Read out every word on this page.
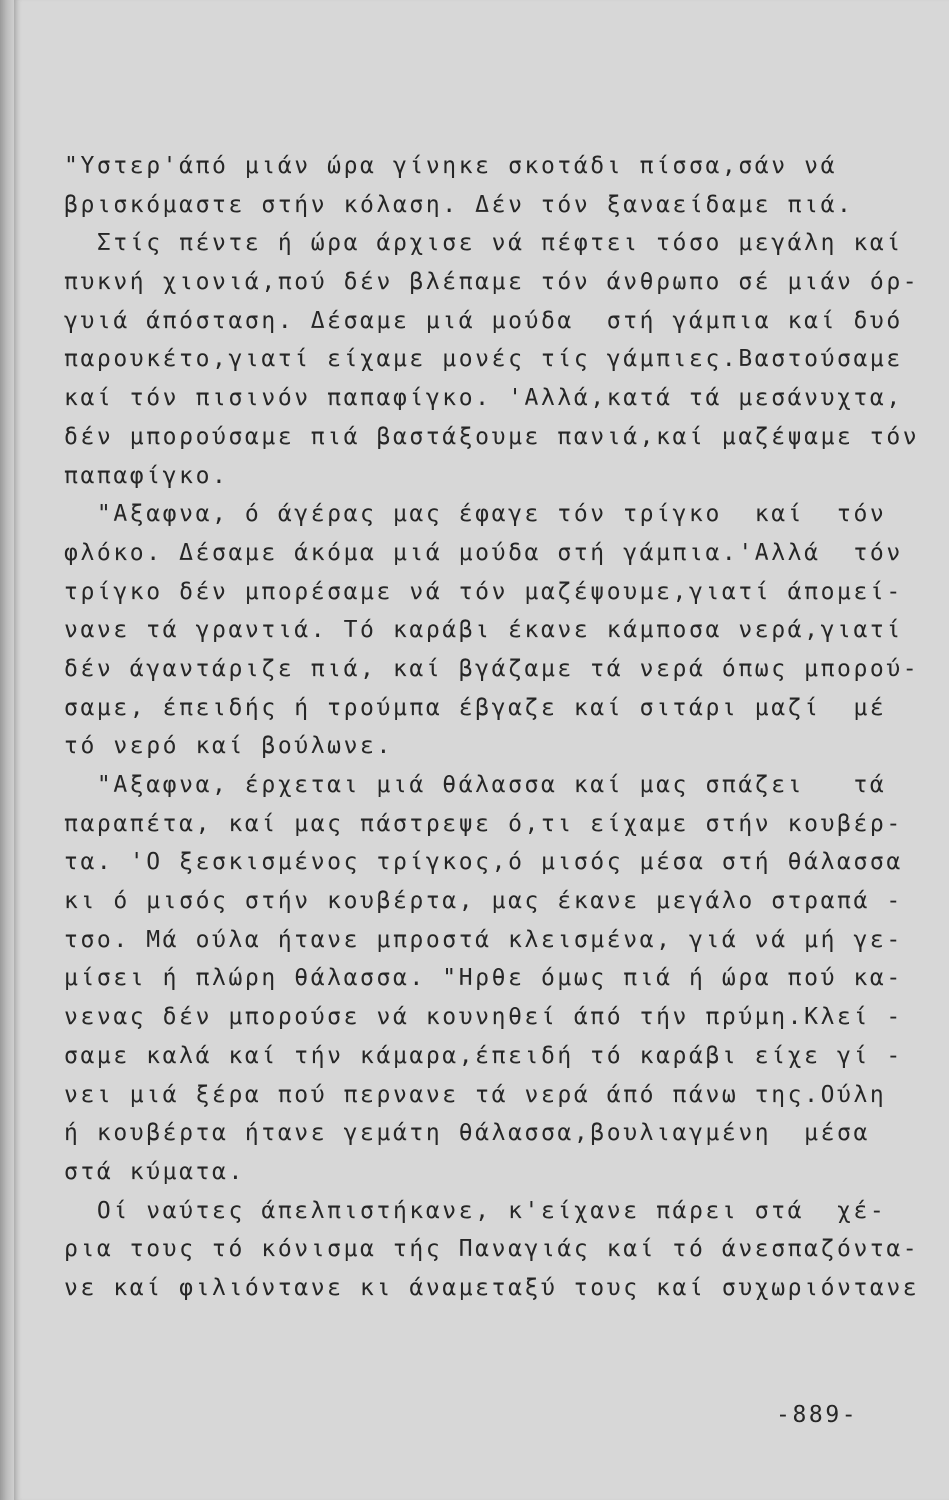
"Υστερ'άπό μιάν ώρα γίνηκε σκοτάδι πίσσα,σάν νά
βρισκόμαστε στήν κόλαση. Δέν τόν ξαναείδαμε πιά.
Στίς πέντε ή ώρα άρχισε νά πέφτει τόσο μεγάλη καί
πυκνή χιονιά,πού δέν βλέπαμε τόν άνθρωπο σέ μιάν όρ-
γυιά άπόσταση. Δέσαμε μιά μούδα  στή γάμπια καί δυό
παρουκέτο,γιατί είχαμε μονές τίς γάμπιες.Βαστούσαμε
καί τόν πισινόν παπαφίγκο. 'Αλλά,κατά τά μεσάνυχτα,
δέν μπορούσαμε πιά βαστάξουμε πανιά,καί μαζέψαμε τόν
παπαφίγκο.
"Αξαφνα, ό άγέρας μας έφαγε τόν τρίγκο  καί  τόν
φλόκο. Δέσαμε άκόμα μιά μούδα στή γάμπια.'Αλλά  τόν
τρίγκο δέν μπορέσαμε νά τόν μαζέψουμε,γιατί άπομεί-
νανε τά γραντιά. Τό καράβι έκανε κάμποσα νερά,γιατί
δέν άγαντάριζε πιά, καί βγάζαμε τά νερά όπως μπορού-
σαμε, έπειδής ή τρούμπα έβγαζε καί σιτάρι μαζί  μέ
τό νερό καί βούλωνε.
"Αξαφνα, έρχεται μιά θάλασσα καί μας σπάζει   τά
παραπέτα, καί μας πάστρεψε ό,τι είχαμε στήν κουβέρ-
τα. 'Ο ξεσκισμένος τρίγκος,ό μισός μέσα στή θάλασσα
κι ό μισός στήν κουβέρτα, μας έκανε μεγάλο στραπά -
τσο. Μά ούλα ήτανε μπροστά κλεισμένα, γιά νά μή γε-
μίσει ή πλώρη θάλασσα. "Ηρθε όμως πιά ή ώρα πού κα-
νενας δέν μπορούσε νά κουνηθεί άπό τήν πρύμη.Κλεί -
σαμε καλά καί τήν κάμαρα,έπειδή τό καράβι είχε γί -
νει μιά ξέρα πού περνανε τά νερά άπό πάνω της.Ούλη
ή κουβέρτα ήτανε γεμάτη θάλασσα,βουλιαγμένη  μέσα
στά κύματα.
Οί ναύτες άπελπιστήκανε, κ'είχανε πάρει στά  χέ-
ρια τους τό κόνισμα τής Παναγιάς καί τό άνεσπαζόντα-
νε καί φιλιόντανε κι άναμεταξύ τους καί συχωριόντανε
-889-
